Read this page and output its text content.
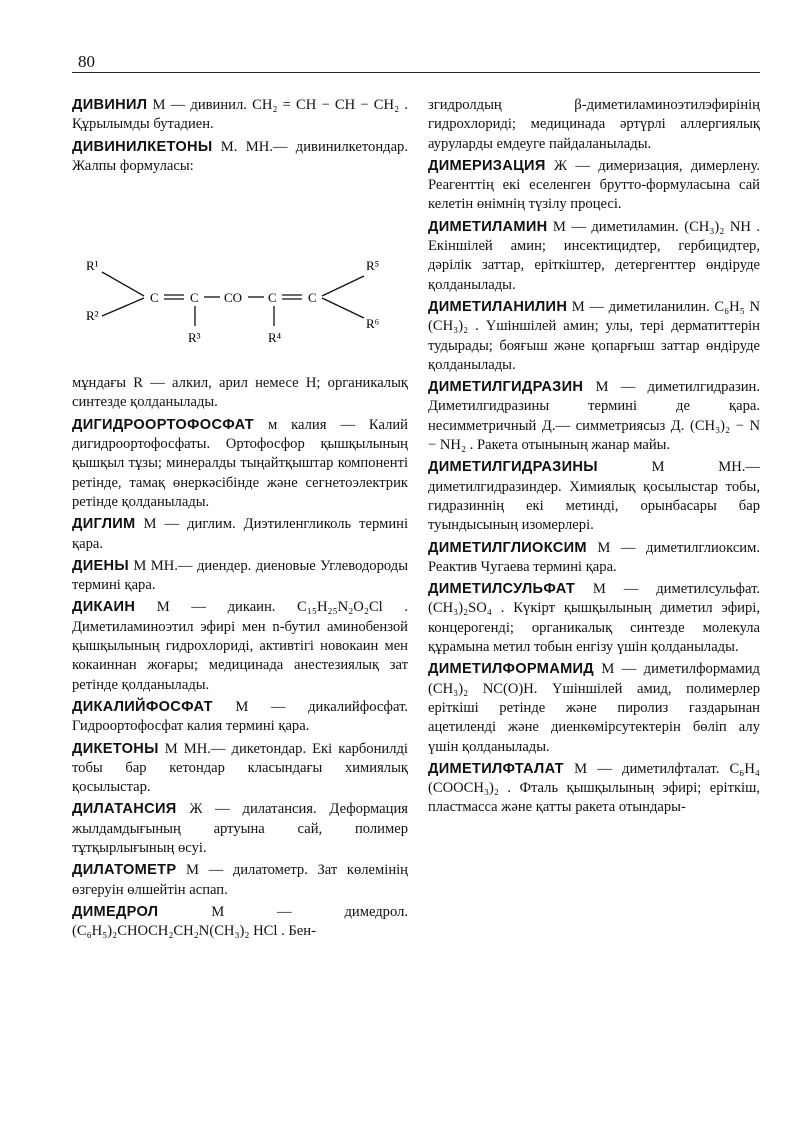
80

ДИВИНИЛ М — дивинил. CH₂ = CH − CH − CH₂ . Құрылымды бутадиен.

ДИВИНИЛКЕТОНЫ М. МН.— дивинилкетондар. Жалпы формуласы:

R¹
R²
C C CO C C
R⁵
R⁶
R³	R⁴

мұндағы R — алкил, арил немесе H; органикалық синтезде қолданылады.

ДИГИДРООРТОФОСФАТ м калия — Калий дигидроортофосфаты. Ортофосфор қышқылының қышқыл тұзы; минералды тыңайтқыштар компоненті ретінде, тамақ өнеркәсібінде және сегнетоэлектрик ретінде қолданылады.

ДИГЛИМ М — диглим. Диэтиленгликоль термині қара.

ДИЕНЫ М МН.— диендер. диеновые Углеводороды термині қара.

ДИКАИН М — дикаин. C₁₅H₂₅N₂O₂Cl . Диметиламиноэтил эфирі мен n-бутил аминобензой қышқылының гидрохлориді, активтігі новокаин мен кокаиннан жоғары; медицинада анестезиялық зат ретінде қолданылады.

ДИКАЛИЙФОСФАТ М — дикалийфосфат. Гидроортофосфат калия термині қара.

ДИКЕТОНЫ М МН.— дикетондар. Екі карбонилді тобы бар кетондар класындағы химиялық қосылыстар.

ДИЛАТАНСИЯ Ж — дилатансия. Деформация жылдамдығының артуына сай, полимер тұтқырлығының өсуі.

ДИЛАТОМЕТР М — дилатометр. Зат көлемінің өзгеруін өлшейтін аспап.

ДИМЕДРОЛ М — димедрол. (C₆H₅)₂CHOCH₂CH₂N(CH₃)₂ HCl . Бен-

згидролдың β-диметиламиноэтилэфирінің гидрохлориді; медицинада әртүрлі аллергиялық ауруларды емдеуге пайдаланылады.

ДИМЕРИЗАЦИЯ Ж — димеризация, димерлену. Реагенттің екі еселенген брутто-формуласына сай келетін өнімнің түзілу процесі.

ДИМЕТИЛАМИН М — диметиламин. (CH₃)₂ NH . Екіншілей амин; инсектицидтер, гербицидтер, дәрілік заттар, еріткіштер, детергенттер өндіруде қолданылады.

ДИМЕТИЛАНИЛИН М — диметиланилин. C₆H₅ N (CH₃)₂ . Үшіншілей амин; улы, тері дерматиттерін тудырады; бояғыш және қопарғыш заттар өндіруде қолданылады.

ДИМЕТИЛГИДРАЗИН М — диметилгидразин. Диметилгидразины термині де қара. несимметричный Д.— симметриясыз Д. (CH₃)₂ − N − NH₂ . Ракета отынының жанар майы.

ДИМЕТИЛГИДРАЗИНЫ М МН.— диметилгидразиндер. Химиялық қосылыстар тобы, гидразиннің екі метинді, орынбасары бар туындысының изомерлері.

ДИМЕТИЛГЛИОКСИМ М — диметилглиоксим. Реактив Чугаева термині қара.

ДИМЕТИЛСУЛЬФАТ М — диметилсульфат. (CH₃)₂SO₄ . Күкірт қышқылының диметил эфирі, концерогенді; органикалық синтезде молекула құрамына метил тобын енгізу үшін қолданылады.

ДИМЕТИЛФОРМАМИД М — диметилформамид (CH₃)₂ NC(O)H. Үшіншілей амид, полимерлер еріткіші ретінде және пиролиз газдарынан ацетиленді және диенкөмірсутектерін бөліп алу үшін қолданылады.

ДИМЕТИЛФТАЛАТ М — диметилфталат. C₆H₄ (COOCH₃)₂ . Фталь қышқылының эфирі; еріткіш, пластмасса және қатты ракета отындары-
